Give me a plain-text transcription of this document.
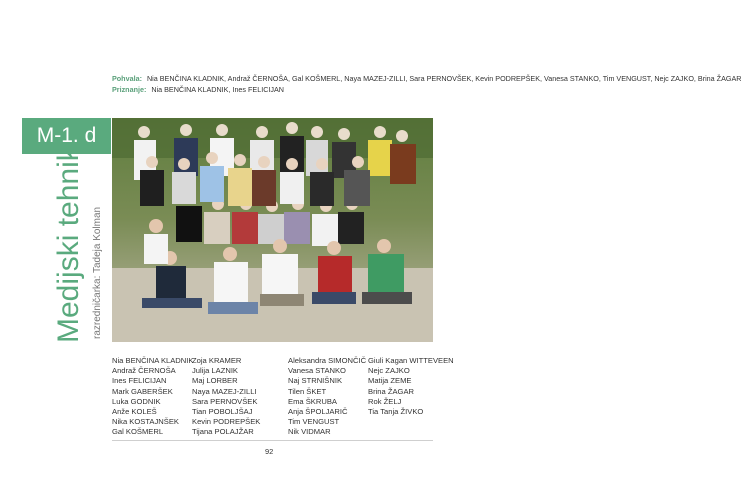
Pohvala: Nia BENČINA KLADNIK, Andraž ČERNOŠA, Gal KOŠMERL, Naya MAZEJ-ZILLI, Sara PERNOVŠEK, Kevin PODREPŠEK, Vanesa STANKO, Tim VENGUST, Nejc ZAJKO, Brina ŽAGAR
Priznanje: Nia BENČINA KLADNIK, Ines FELICIJAN
M-1. d
Medijski tehnik razredničarka: Tadeja Kolman
Nia BENČINA KLADNIK
Andraž ČERNOŠA
Ines FELICIJAN
Mark GABERŠEK
Luka GODNIK
Anže KOLEŠ
Nika KOSTAJNŠEK
Gal KOŠMERL
Zoja KRAMER
Julija LAZNIK
Maj LORBER
Naya MAZEJ-ZILLI
Sara PERNOVŠEK
Tian POBOLJŠAJ
Kevin PODREPŠEK
Tijana POLAJŽAR
Aleksandra SIMONČIČ
Vanesa STANKO
Naj STRNIŠNIK
Tilen ŠKET
Ema ŠKRUBA
Anja ŠPOLJARIČ
Tim VENGUST
Nik VIDMAR
Giuli Kagan WITTEVEEN
Nejc ZAJKO
Matija ZEME
Brina ŽAGAR
Rok ŽELJ
Tia Tanja ŽIVKO
92
